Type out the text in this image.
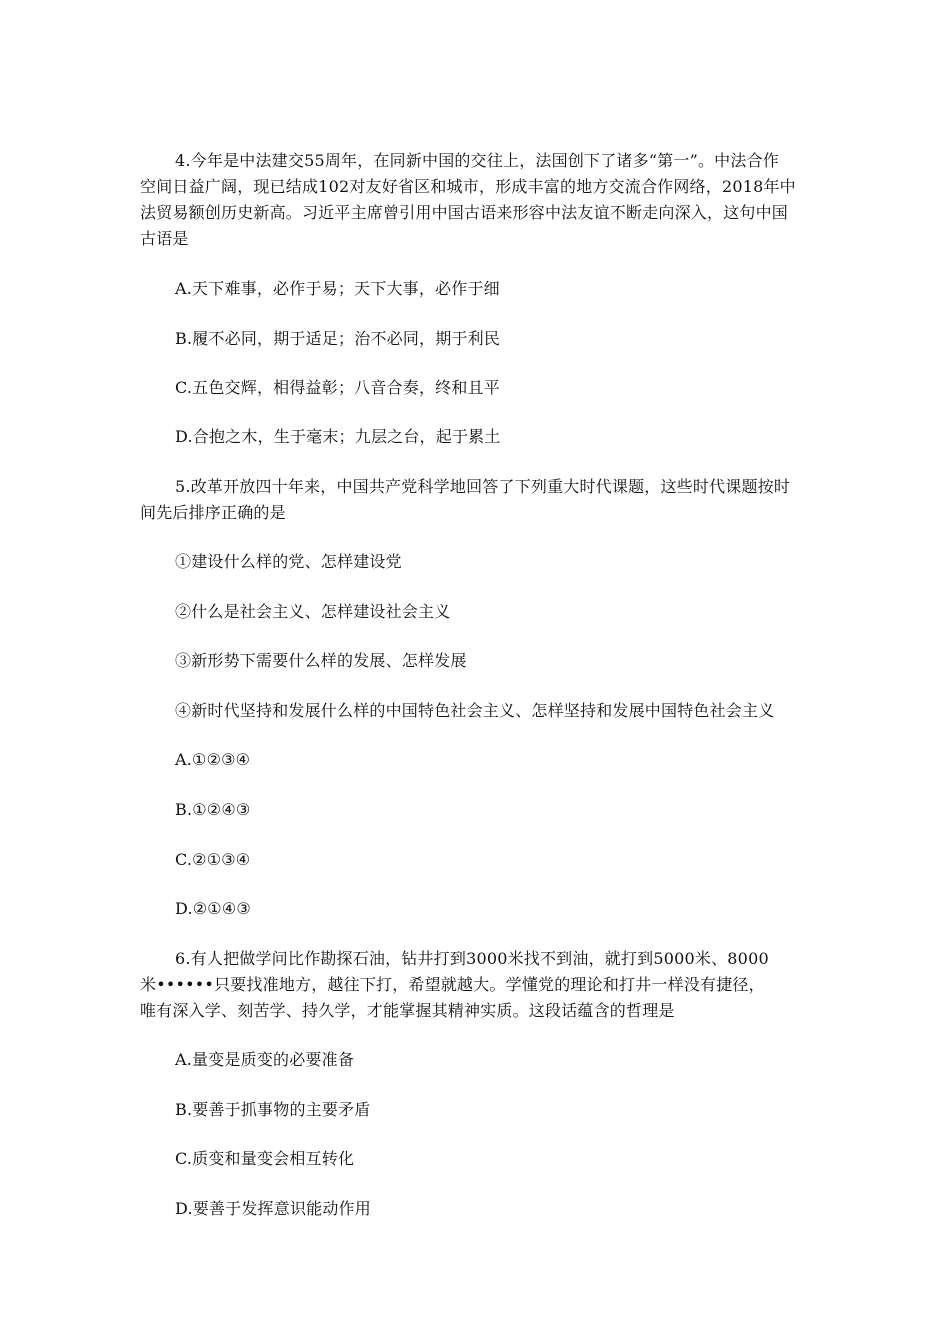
4.今年是中法建交55周年，在同新中国的交往上，法国创下了诸多“第一”。中法合作
空间日益广阔，现已结成102对友好省区和城市，形成丰富的地方交流合作网络，2018年中
法贸易额创历史新高。习近平主席曾引用中国古语来形容中法友谊不断走向深入，这句中国
古语是
A.天下难事，必作于易；天下大事，必作于细
B.履不必同，期于适足；治不必同，期于利民
C.五色交辉，相得益彰；八音合奏，终和且平
D.合抱之木，生于毫末；九层之台，起于累土
5.改革开放四十年来，中国共产党科学地回答了下列重大时代课题，这些时代课题按时
间先后排序正确的是
①建设什么样的党、怎样建设党
②什么是社会主义、怎样建设社会主义
③新形势下需要什么样的发展、怎样发展
④新时代坚持和发展什么样的中国特色社会主义、怎样坚持和发展中国特色社会主义
A.①②③④
B.①②④③
C.②①③④
D.②①④③
6.有人把做学问比作勘探石油，钻井打到3000米找不到油，就打到5000米、8000
米••••••只要找准地方，越往下打，希望就越大。学懂党的理论和打井一样没有捷径，
唯有深入学、刻苦学、持久学，才能掌握其精神实质。这段话蕴含的哲理是
A.量变是质变的必要准备
B.要善于抓事物的主要矛盾
C.质变和量变会相互转化
D.要善于发挥意识能动作用
